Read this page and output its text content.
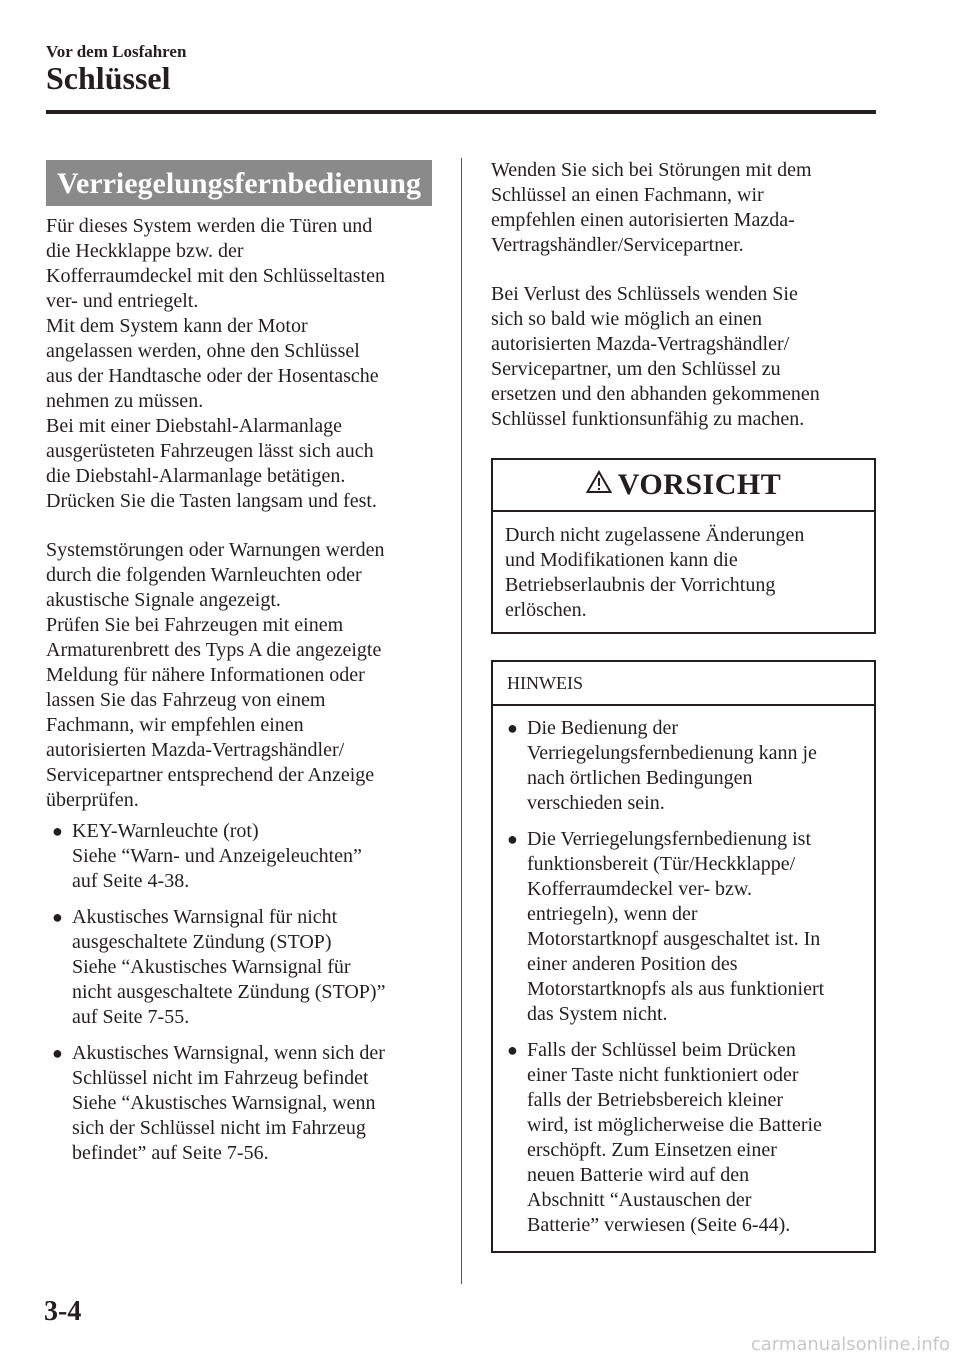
Vor dem Losfahren
Schlüssel
Verriegelungsfernbedienung

Für dieses System werden die Türen und

die Heckklappe bzw. der

Kofferraumdeckel mit den Schlüsseltasten

ver- und entriegelt.

Mit dem System kann der Motor

angelassen werden, ohne den Schlüssel

aus der Handtasche oder der Hosentasche

nehmen zu müssen.

Bei mit einer Diebstahl-Alarmanlage

ausgerüsteten Fahrzeugen lässt sich auch

die Diebstahl-Alarmanlage betätigen.

Drücken Sie die Tasten langsam und fest.

Systemstörungen oder Warnungen werden

durch die folgenden Warnleuchten oder

akustische Signale angezeigt.

Prüfen Sie bei Fahrzeugen mit einem

Armaturenbrett des Typs A die angezeigte

Meldung für nähere Informationen oder

lassen Sie das Fahrzeug von einem

Fachmann, wir empfehlen einen

autorisierten Mazda-Vertragshändler/

Servicepartner entsprechend der Anzeige

überprüfen.

● KEY-Warnleuchte (rot)
Siehe “Warn- und Anzeigeleuchten”
auf Seite 4-38.
● Akustisches Warnsignal für nicht
ausgeschaltete Zündung (STOP)
Siehe “Akustisches Warnsignal für
nicht ausgeschaltete Zündung (STOP)”
auf Seite 7-55.
● Akustisches Warnsignal, wenn sich der
Schlüssel nicht im Fahrzeug befindet
Siehe “Akustisches Warnsignal, wenn
sich der Schlüssel nicht im Fahrzeug
befindet” auf Seite 7-56.

Wenden Sie sich bei Störungen mit dem

Schlüssel an einen Fachmann, wir

empfehlen einen autorisierten Mazda-

Vertragshändler/Servicepartner.

Bei Verlust des Schlüssels wenden Sie

sich so bald wie möglich an einen

autorisierten Mazda-Vertragshändler/

Servicepartner, um den Schlüssel zu

ersetzen und den abhanden gekommenen

Schlüssel funktionsunfähig zu machen.

VORSICHT

Durch nicht zugelassene Änderungen

und Modifikationen kann die

Betriebserlaubnis der Vorrichtung

erlöschen.

HINWEIS
● Die Bedienung der
Verriegelungsfernbedienung kann je
nach örtlichen Bedingungen
verschieden sein.
● Die Verriegelungsfernbedienung ist
funktionsbereit (Tür/Heckklappe/
Kofferraumdeckel ver- bzw.
entriegeln), wenn der
Motorstartknopf ausgeschaltet ist. In
einer anderen Position des
Motorstartknopfs als aus funktioniert
das System nicht.
● Falls der Schlüssel beim Drücken
einer Taste nicht funktioniert oder
falls der Betriebsbereich kleiner
wird, ist möglicherweise die Batterie
erschöpft. Zum Einsetzen einer
neuen Batterie wird auf den
Abschnitt “Austauschen der
Batterie” verwiesen (Seite 6-44).
3-4
carmanualsonline.info
